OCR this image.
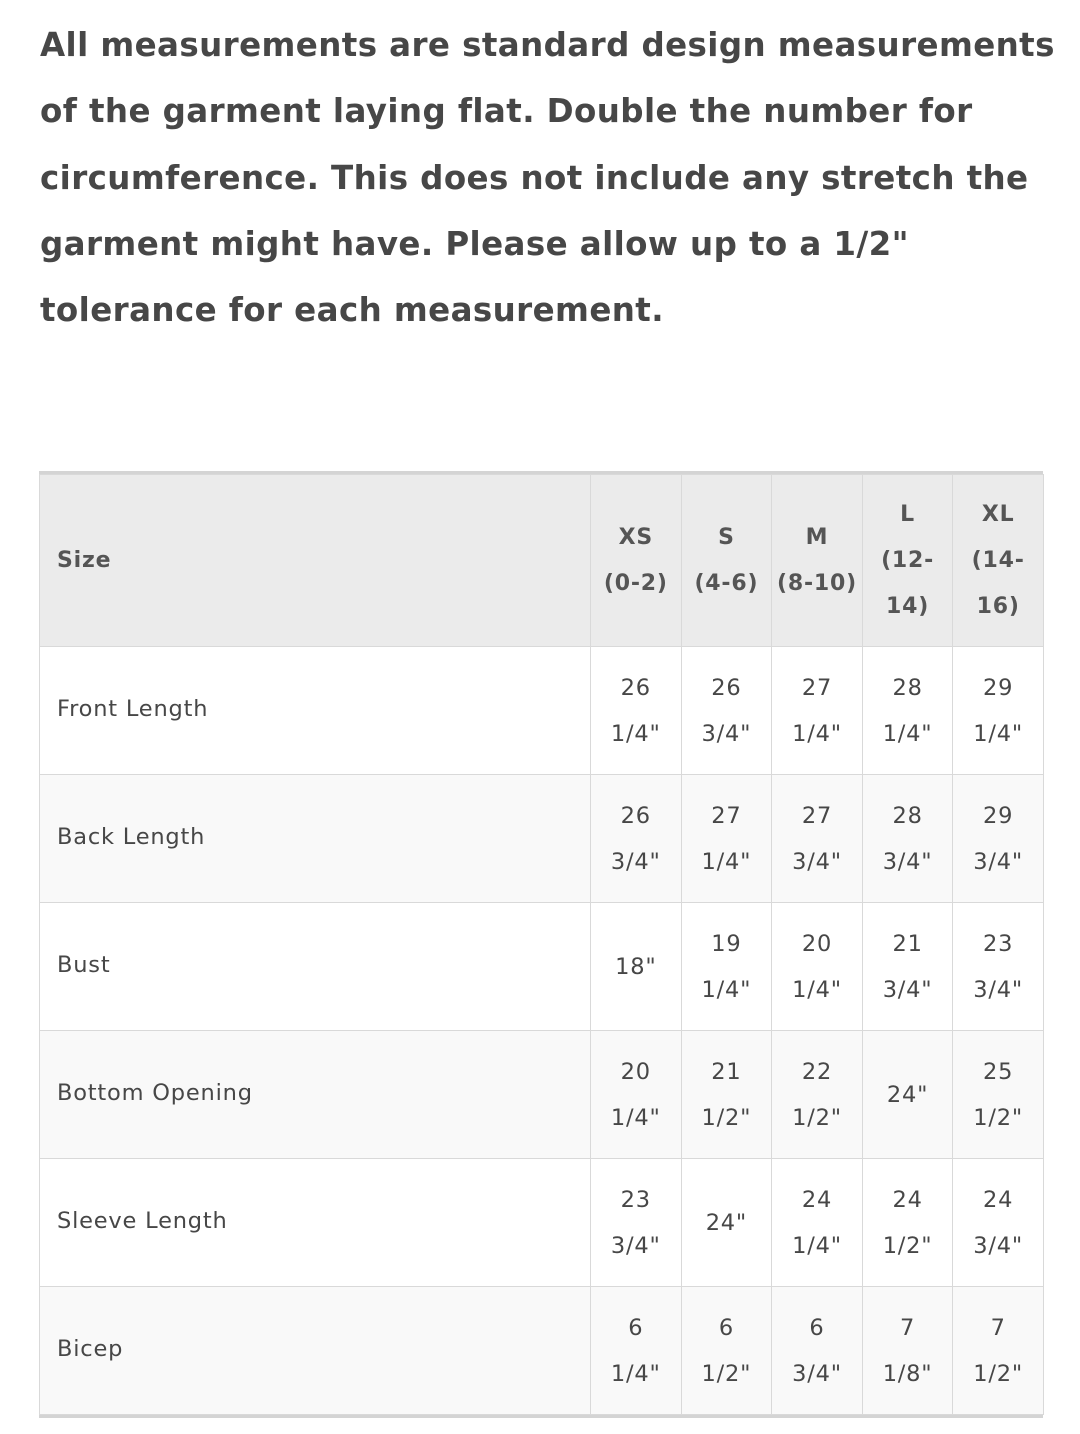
All measurements are standard design measurements of the garment laying flat. Double the number for circumference. This does not include any stretch the garment might have. Please allow up to a 1/2" tolerance for each measurement.

Size	XS (0-2)	S (4-6)	M (8-10)	L (12-14)	XL (14-16)
Front Length	26 1/4"	26 3/4"	27 1/4"	28 1/4"	29 1/4"
Back Length	26 3/4"	27 1/4"	27 3/4"	28 3/4"	29 3/4"
Bust	18"	19 1/4"	20 1/4"	21 3/4"	23 3/4"
Bottom Opening	20 1/4"	21 1/2"	22 1/2"	24"	25 1/2"
Sleeve Length	23 3/4"	24"	24 1/4"	24 1/2"	24 3/4"
Bicep	6 1/4"	6 1/2"	6 3/4"	7 1/8"	7 1/2"
